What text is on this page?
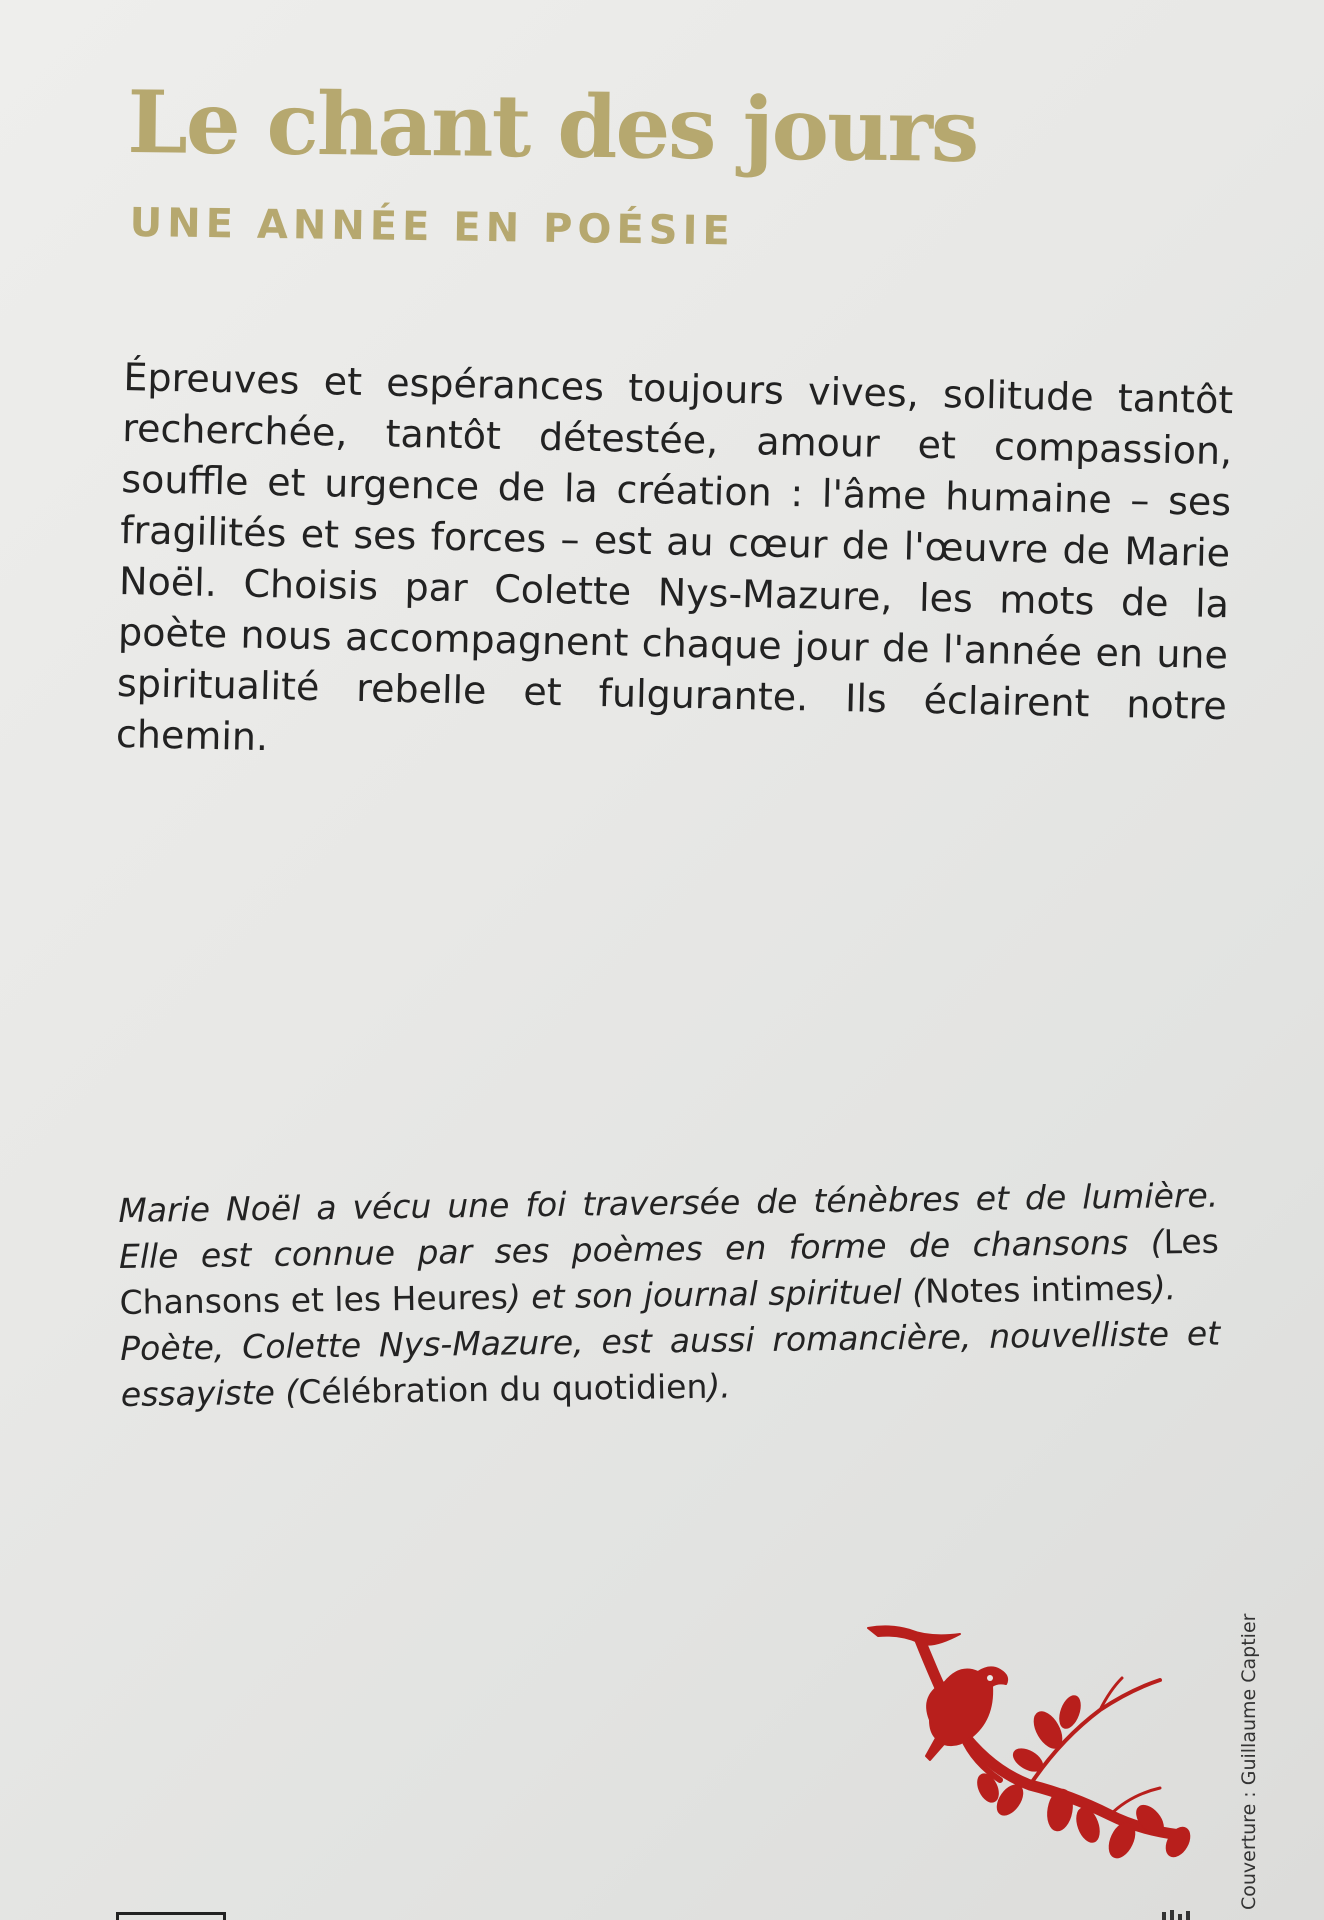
Le chant des jours
UNE ANNÉE EN POÉSIE

Épreuves et espérances toujours vives, solitude tantôt recherchée, tantôt détestée, amour et compassion, souffle et urgence de la création : l'âme humaine – ses fragilités et ses forces – est au cœur de l'œuvre de Marie Noël. Choisis par Colette Nys-Mazure, les mots de la poète nous accompagnent chaque jour de l'année en une spiritualité rebelle et fulgurante. Ils éclairent notre chemin.

Marie Noël a vécu une foi traversée de ténèbres et de lumière. Elle est connue par ses poèmes en forme de chansons (Les Chansons et les Heures) et son journal spirituel (Notes intimes).

Poète, Colette Nys-Mazure, est aussi romancière, nouvelliste et essayiste (Célébration du quotidien).

Couverture : Guillaume Captier
